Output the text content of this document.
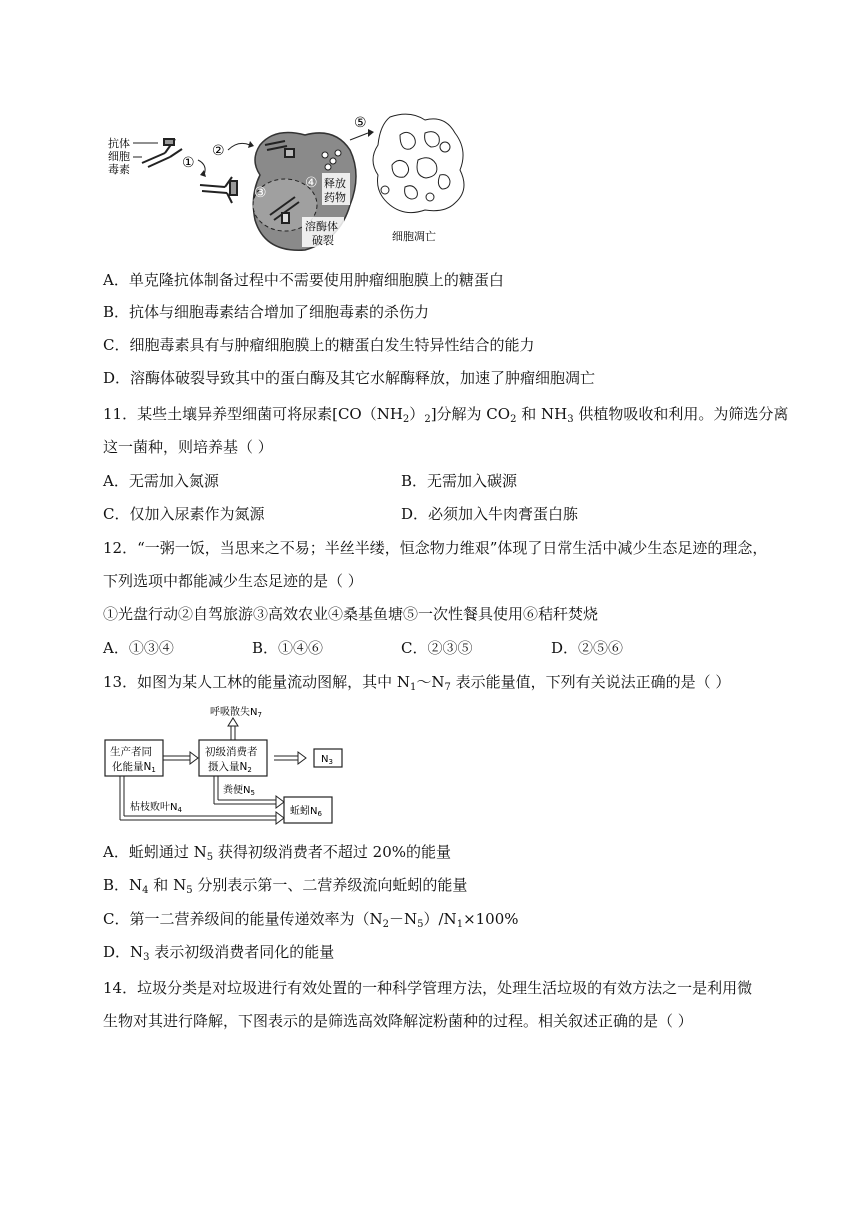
抗体
细胞
毒素	①
②
③
④ 释放
药物
溶酶体
破裂
⑤
细胞凋亡
A．单克隆抗体制备过程中不需要使用肿瘤细胞膜上的糖蛋白
B．抗体与细胞毒素结合增加了细胞毒素的杀伤力
C．细胞毒素具有与肿瘤细胞膜上的糖蛋白发生特异性结合的能力
D．溶酶体破裂导致其中的蛋白酶及其它水解酶释放，加速了肿瘤细胞凋亡
11．某些土壤异养型细菌可将尿素$[CO(NH_2)_2]$分解为 $CO_2$ 和 $NH_3$ 供植物吸收和利用。为筛选分离
这一菌种，则培养基（ ）
A．无需加入氮源	B．无需加入碳源
C．仅加入尿素作为氮源	D．必须加入牛肉膏蛋白胨
12．“一粥一饭，当思来之不易；半丝半缕，恒念物力维艰”体现了日常生活中减少生态足迹的理念，
下列选项中都能减少生态足迹的是（ ）
①光盘行动②自驾旅游③高效农业④桑基鱼塘⑤一次性餐具使用⑥秸秆焚烧
A．①③④	B．①④⑥	C．②③⑤	D．②⑤⑥
13．如图为某人工林的能量流动图解，其中 $N_1\sim N_7$ 表示能量值，下列有关说法正确的是（ ）
生产者同
化能量N1
初级消费者
摄入量N2
呼吸散失$N_7$
$N_3$
粪便$N_5$
枯枝败叶$N_4$	蚯蚓$N_6$
A．蚯蚓通过 $N_5$ 获得初级消费者不超过 20%的能量
B．$N_4$ 和 $N_5$ 分别表示第一、二营养级流向蚯蚓的能量
C．第一二营养级间的能量传递效率为$(N_2-N_5)/N_1\times 100\%$
D．$N_3$ 表示初级消费者同化的能量
14．垃圾分类是对垃圾进行有效处置的一种科学管理方法，处理生活垃圾的有效方法之一是利用微
生物对其进行降解，下图表示的是筛选高效降解淀粉菌种的过程。相关叙述正确的是（ ）
